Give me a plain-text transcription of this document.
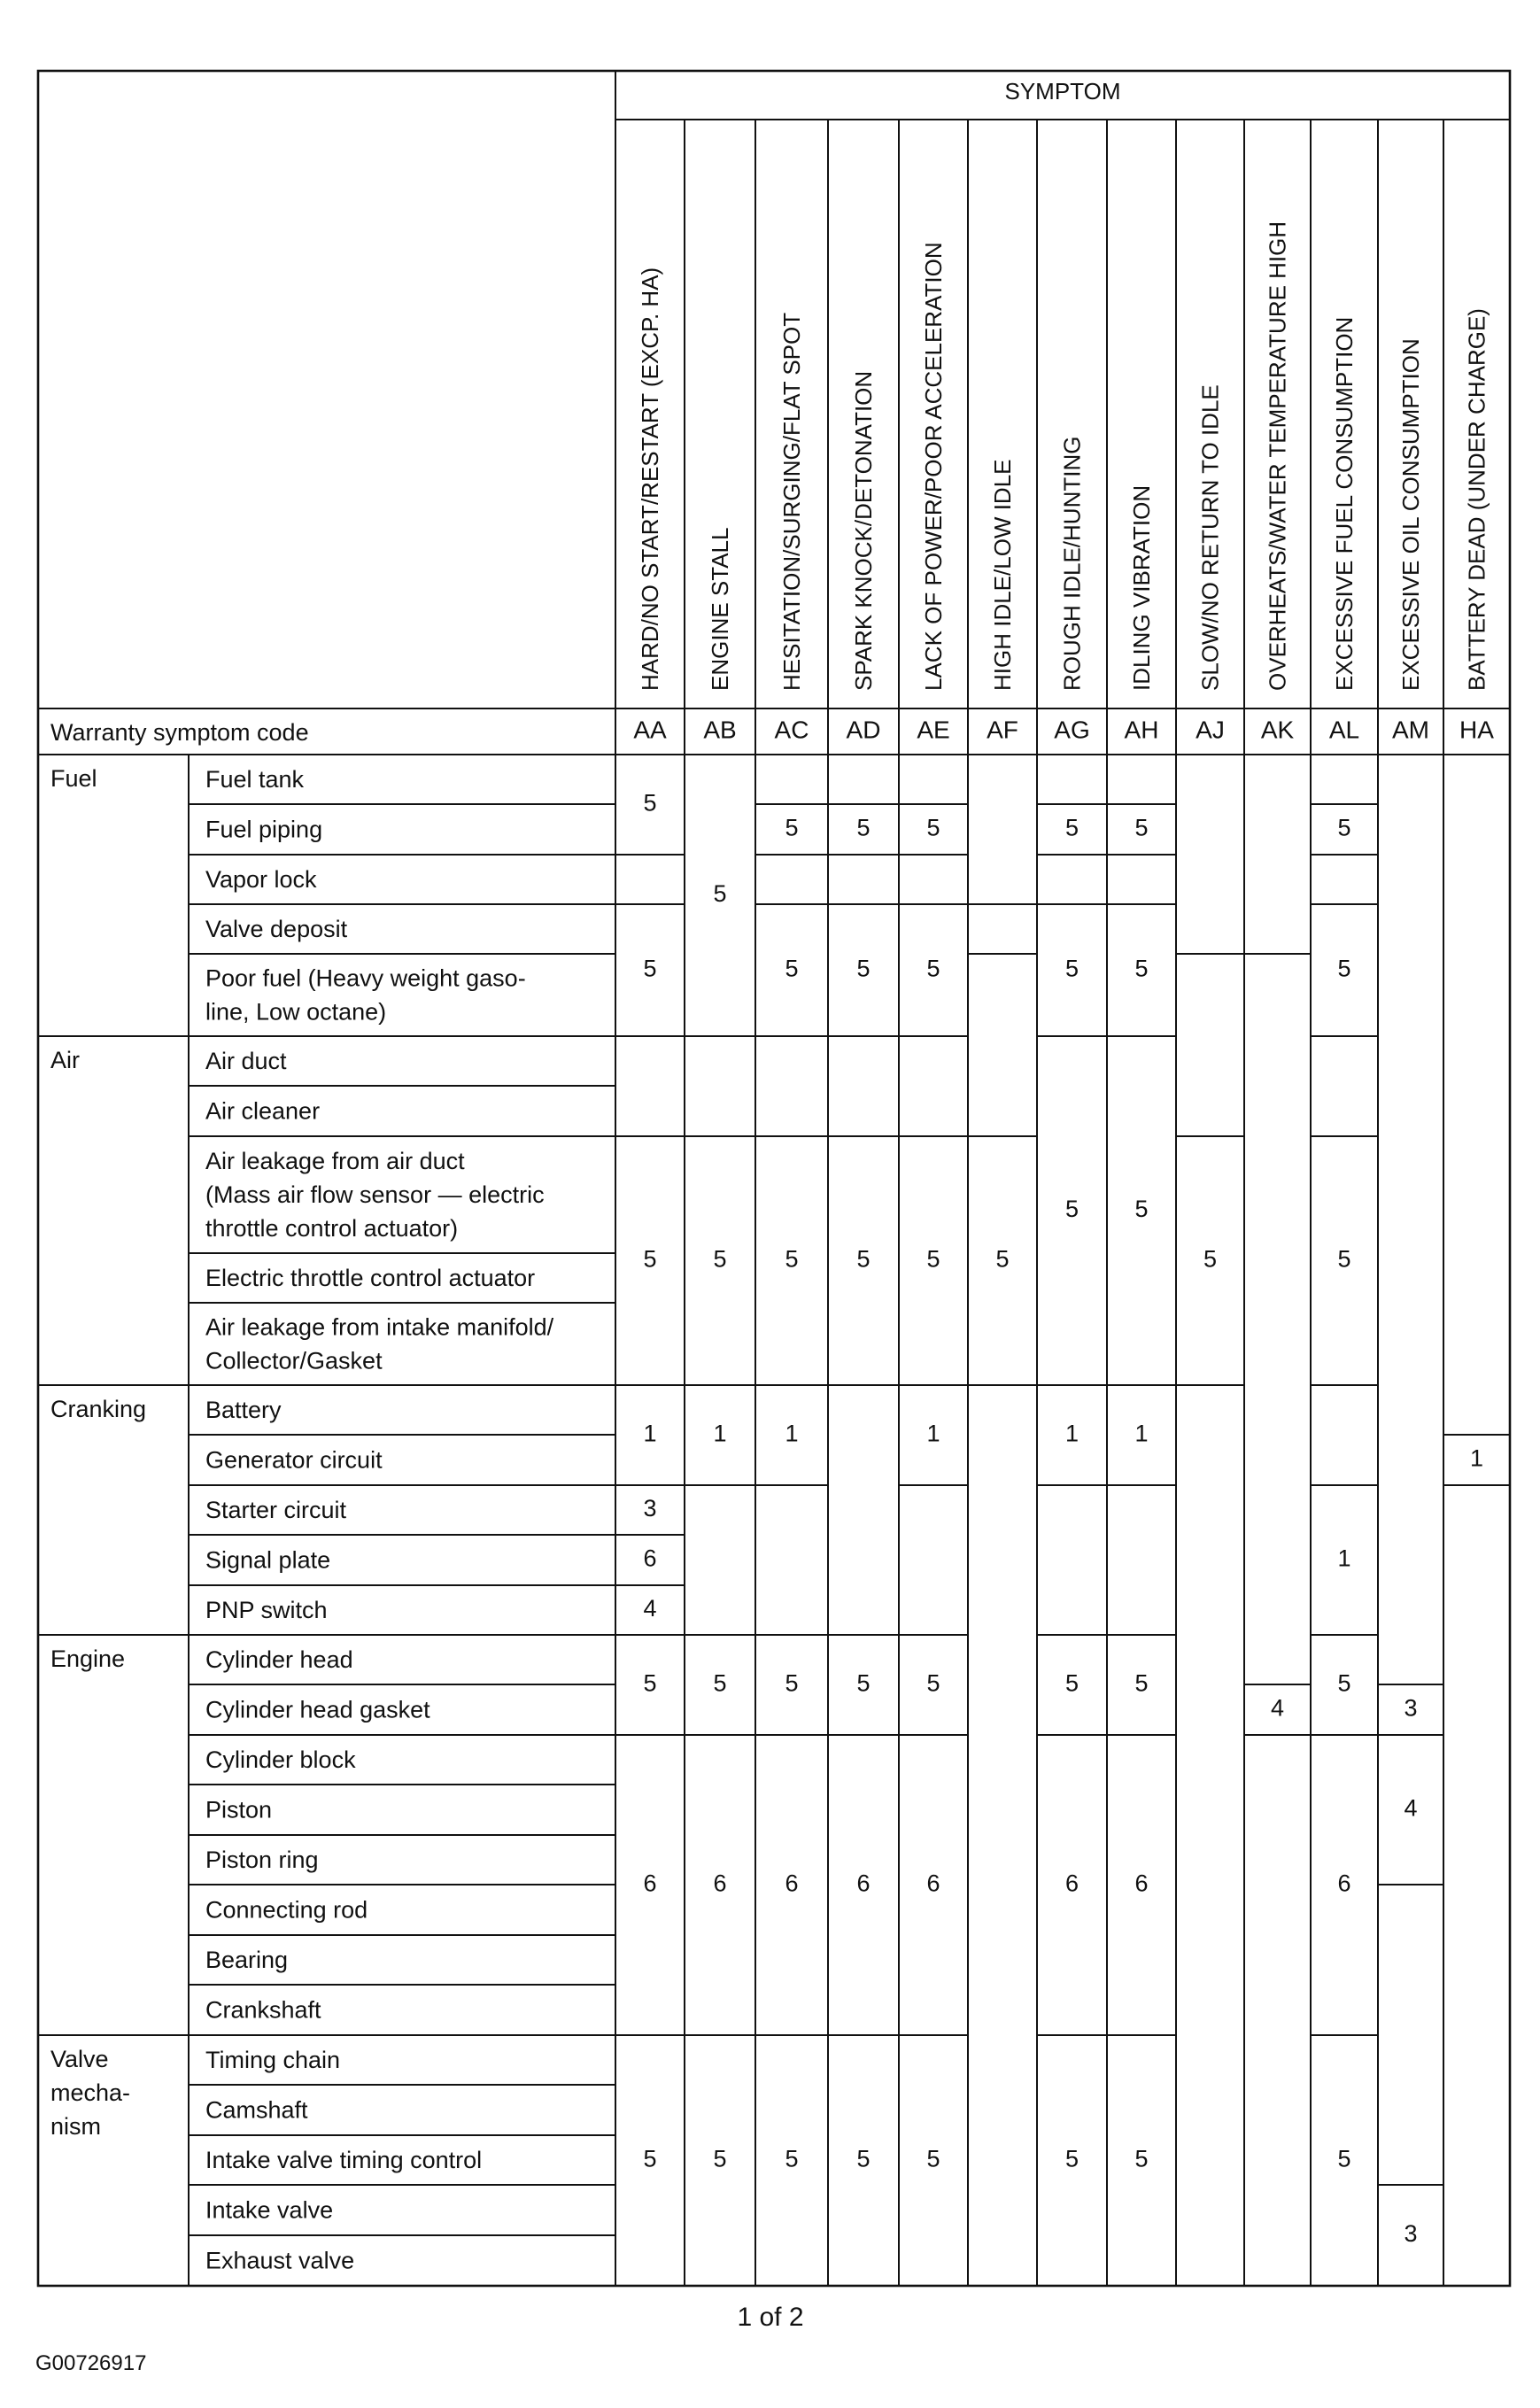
SYMPTOM
Warranty symptom code
HARD/NO START/RESTART (EXCP. HA)
AA
ENGINE STALL
AB
HESITATION/SURGING/FLAT SPOT
AC
SPARK KNOCK/DETONATION
AD
LACK OF POWER/POOR ACCELERATION
AE
HIGH IDLE/LOW IDLE
AF
ROUGH IDLE/HUNTING
AG
IDLING VIBRATION
AH
SLOW/NO RETURN TO IDLE
AJ
OVERHEATS/WATER TEMPERATURE HIGH
AK
EXCESSIVE FUEL CONSUMPTION
AL
EXCESSIVE OIL CONSUMPTION
AM
BATTERY DEAD (UNDER CHARGE)
HA
Fuel
Air
Cranking
Engine
Valve
mecha-
nism
Fuel tank
Fuel piping
Vapor lock
Valve deposit
Poor fuel (Heavy weight gaso-
line, Low octane)
Air duct
Air cleaner
Air leakage from air duct
(Mass air flow sensor — electric
throttle control actuator)
Electric throttle control actuator
Air leakage from intake manifold/
Collector/Gasket
Battery
Generator circuit
Starter circuit
Signal plate
PNP switch
Cylinder head
Cylinder head gasket
Cylinder block
Piston
Piston ring
Connecting rod
Bearing
Crankshaft
Timing chain
Camshaft
Intake valve timing control
Intake valve
Exhaust valve
5
5
5
1
3
6
4
5
6
5
5
5
1
5
6
5
5
5
5
1
5
6
5
5
5
5
5
6
5
5
5
5
1
5
6
5
5
5
5
5
1
5
6
5
5
5
5
1
5
6
5
5
4
5
5
5
1
5
6
5
3
4
3
1
1 of 2
G00726917
